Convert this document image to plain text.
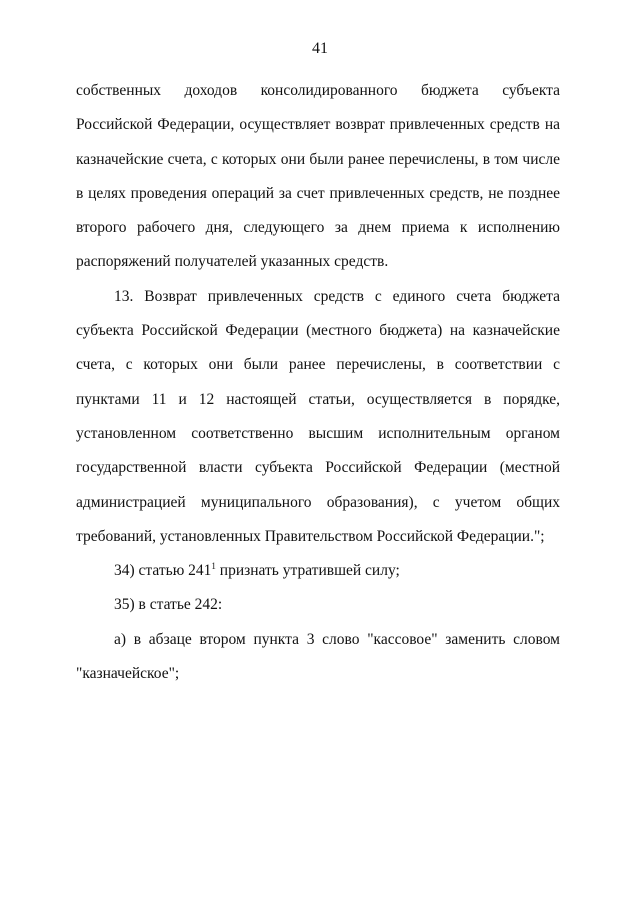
41

собственных доходов консолидированного бюджета субъекта Российской Федерации, осуществляет возврат привлеченных средств на казначейские счета, с которых они были ранее перечислены, в том числе в целях проведения операций за счет привлеченных средств, не позднее второго рабочего дня, следующего за днем приема к исполнению распоряжений получателей указанных средств.

13. Возврат привлеченных средств с единого счета бюджета субъекта Российской Федерации (местного бюджета) на казначейские счета, с которых они были ранее перечислены, в соответствии с пунктами 11 и 12 настоящей статьи, осуществляется в порядке, установленном соответственно высшим исполнительным органом государственной власти субъекта Российской Федерации (местной администрацией муниципального образования), с учетом общих требований, установленных Правительством Российской Федерации.";

34) статью $241^1$ признать утратившей силу;

35) в статье 242:

а) в абзаце втором пункта 3 слово "кассовое" заменить словом "казначейское";
